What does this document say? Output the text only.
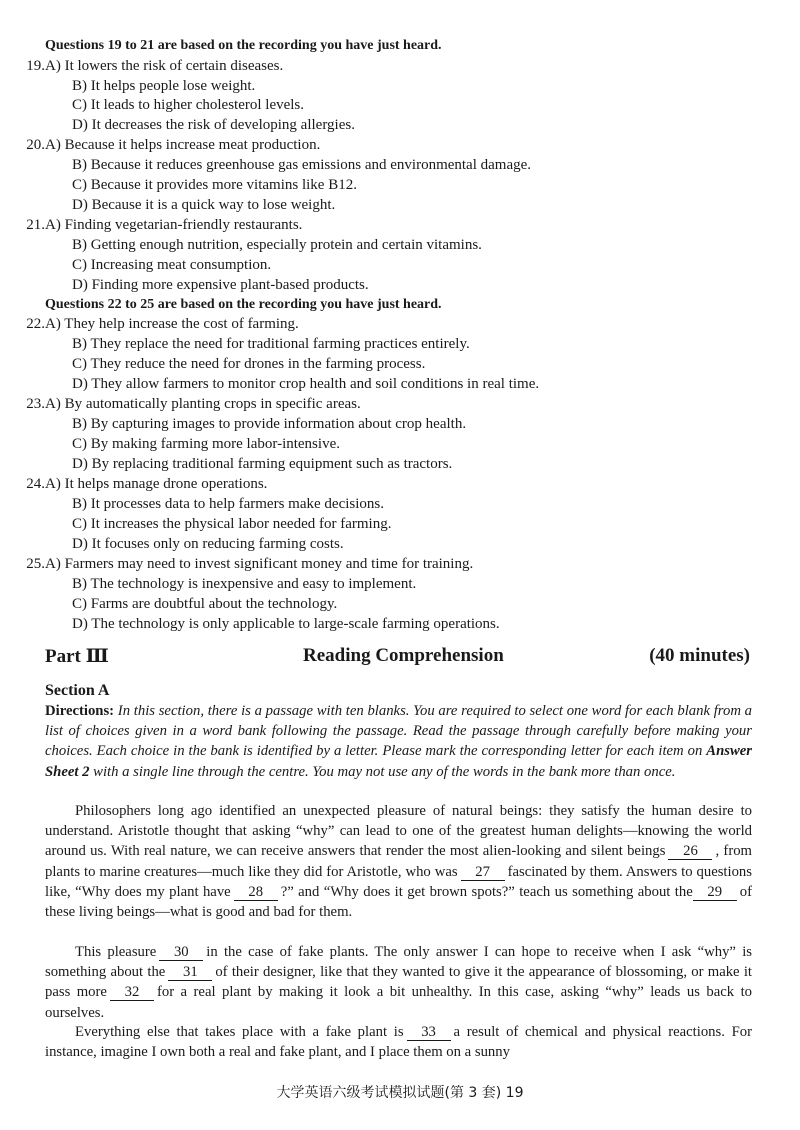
Questions 19 to 21 are based on the recording you have just heard.
19.A) It lowers the risk of certain diseases.
B) It helps people lose weight.
C) It leads to higher cholesterol levels.
D) It decreases the risk of developing allergies.
20.A) Because it helps increase meat production.
B) Because it reduces greenhouse gas emissions and environmental damage.
C) Because it provides more vitamins like B12.
D) Because it is a quick way to lose weight.
21.A) Finding vegetarian-friendly restaurants.
B) Getting enough nutrition, especially protein and certain vitamins.
C) Increasing meat consumption.
D) Finding more expensive plant-based products.
Questions 22 to 25 are based on the recording you have just heard.
22.A) They help increase the cost of farming.
B) They replace the need for traditional farming practices entirely.
C) They reduce the need for drones in the farming process.
D) They allow farmers to monitor crop health and soil conditions in real time.
23.A) By automatically planting crops in specific areas.
B) By capturing images to provide information about crop health.
C) By making farming more labor-intensive.
D) By replacing traditional farming equipment such as tractors.
24.A) It helps manage drone operations.
B) It processes data to help farmers make decisions.
C) It increases the physical labor needed for farming.
D) It focuses only on reducing farming costs.
25.A) Farmers may need to invest significant money and time for training.
B) The technology is inexpensive and easy to implement.
C) Farms are doubtful about the technology.
D) The technology is only applicable to large-scale farming operations.
Part Ⅲ	Reading Comprehension	(40 minutes)
Section A
Directions: In this section, there is a passage with ten blanks. You are required to select one word for each blank from a list of choices given in a word bank following the passage. Read the passage through carefully before making your choices. Each choice in the bank is identified by a letter. Please mark the corresponding letter for each item on Answer Sheet 2 with a single line through the centre. You may not use any of the words in the bank more than once.
Philosophers long ago identified an unexpected pleasure of natural beings: they satisfy the human desire to understand. Aristotle thought that asking “why” can lead to one of the greatest human delights—knowing the world around us. With real nature, we can receive answers that render the most alien-looking and silent beings 26 , from plants to marine creatures—much like they did for Aristotle, who was 27 fascinated by them. Answers to questions like, “Why does my plant have 28 ?” and “Why does it get brown spots?” teach us something about the 29 of these living beings—what is good and bad for them.
This pleasure 30 in the case of fake plants. The only answer I can hope to receive when I ask “why” is something about the 31 of their designer, like that they wanted to give it the appearance of blossoming, or make it pass more 32 for a real plant by making it look a bit unhealthy. In this case, asking “why” leads us back to ourselves.
Everything else that takes place with a fake plant is 33 a result of chemical and physical reactions. For instance, imagine I own both a real and fake plant, and I place them on a sunny
大学英语六级考试模拟试题(第 3 套) 19
